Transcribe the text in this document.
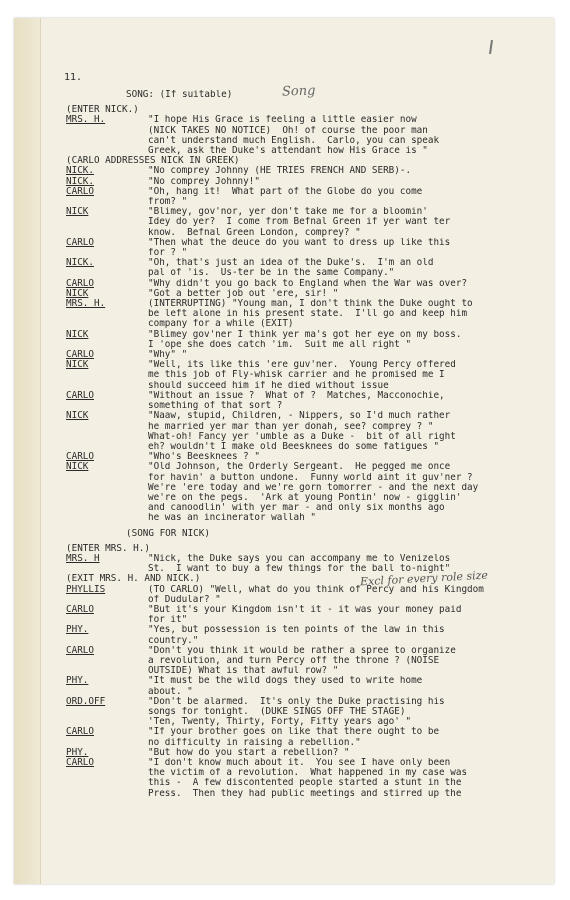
11.
Song
SONG: (If suitable)
(ENTER NICK.)
MRS. H.	"I hope His Grace is feeling a little easier now
(NICK TAKES NO NOTICE)  Oh! of course the poor man
can't understand much English.  Carlo, you can speak
Greek, ask the Duke's attendant how His Grace is "
(CARLO ADDRESSES NICK IN GREEK)
NICK.	"No comprey Johnny (HE TRIES FRENCH AND SERB)-.
NICK.	"No comprey Johnny!"
CARLO	"Oh, hang it!  What part of the Globe do you come
from? "
NICK	"Blimey, gov'nor, yer don't take me for a bloomin'
Idey do yer?  I come from Befnal Green if yer want ter
know.  Befnal Green London, comprey? "
CARLO	"Then what the deuce do you want to dress up like this
for ? "
NICK.	"Oh, that's just an idea of the Duke's.  I'm an old
pal of 'is.  Us-ter be in the same Company."
CARLO	"Why didn't you go back to England when the War was over?
NICK	"Got a better job out 'ere, sir! "
MRS. H.	(INTERRUPTING) "Young man, I don't think the Duke ought to
be left alone in his present state.  I'll go and keep him
company for a while (EXIT)
NICK	"Blimey gov'ner I think yer ma's got her eye on my boss.
I 'ope she does catch 'im.  Suit me all right "
CARLO	"Why" "
NICK	"Well, its like this 'ere guv'ner.  Young Percy offered
me this job of Fly-whisk carrier and he promised me I
should succeed him if he died without issue
CARLO	"Without an issue ?  What of ?  Matches, Macconochie,
something of that sort ?
NICK	"Naaw, stupid, Children, - Nippers, so I'd much rather
he married yer mar than yer donah, see? comprey ? "
What-oh! Fancy yer 'umble as a Duke -  bit of all right
eh? wouldn't I make old Beesknees do some fatigues "
CARLO	"Who's Beesknees ? "
NICK	"Old Johnson, the Orderly Sergeant.  He pegged me once
for havin' a button undone.  Funny world aint it guv'ner ?
We're 'ere today and we're gorn tomorrer - and the next day
we're on the pegs.  'Ark at young Pontin' now - gigglin'
and canoodlin' with yer mar - and only six months ago
he was an incinerator wallah "
(SONG FOR NICK)
(ENTER MRS. H.)
MRS. H	"Nick, the Duke says you can accompany me to Venizelos
St.  I want to buy a few things for the ball to-night"
(EXIT MRS. H. AND NICK.)
PHYLLIS	(TO CARLO) "Well, what do you think of Percy and his Kingdom
of Dudular? "
CARLO	"But it's your Kingdom isn't it - it was your money paid
for it"
PHY.	"Yes, but possession is ten points of the law in this
country."
CARLO	"Don't you think it would be rather a spree to organize
a revolution, and turn Percy off the throne ? (NOISE
OUTSIDE) What is that awful row? "
PHY.	"It must be the wild dogs they used to write home
about. "
ORD.OFF	"Don't be alarmed.  It's only the Duke practising his
songs for tonight.  (DUKE SINGS OFF THE STAGE)
'Ten, Twenty, Thirty, Forty, Fifty years ago' "
CARLO	"If your brother goes on like that there ought to be
no difficulty in raising a rebellion."
PHY.	"But how do you start a rebellion? "
CARLO	"I don't know much about it.  You see I have only been
the victim of a revolution.  What happened in my case was
this -  A few discontented people started a stunt in the
Press.  Then they had public meetings and stirred up the
Excl for every role size
